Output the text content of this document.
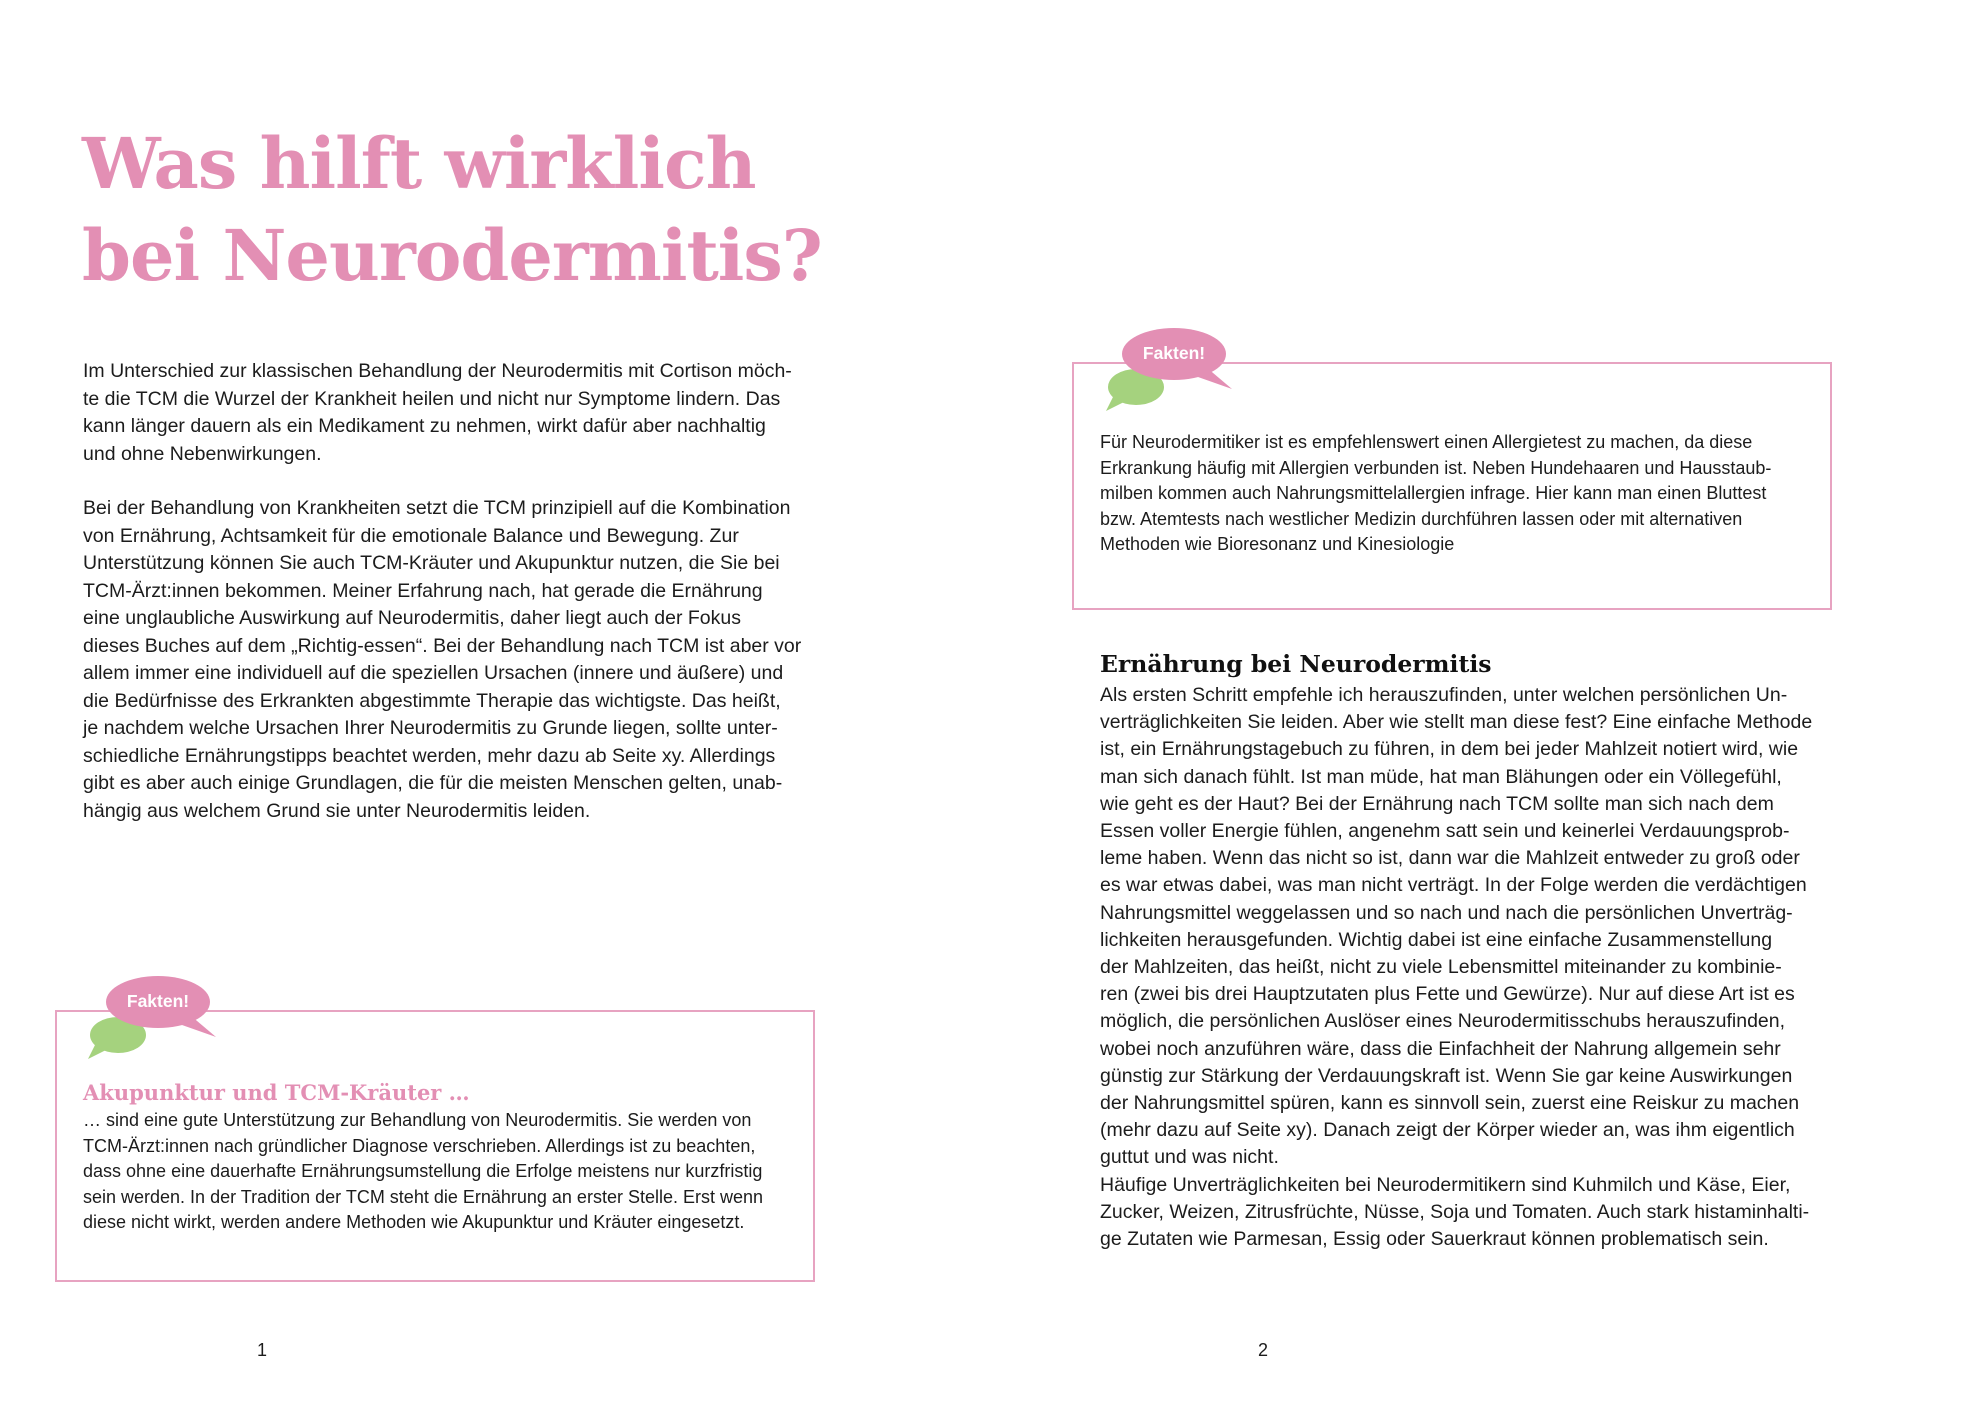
Was hilft wirklich
bei Neurodermitis?
Im Unterschied zur klassischen Behandlung der Neurodermitis mit Cortison möch-
te die TCM die Wurzel der Krankheit heilen und nicht nur Symptome lindern. Das
kann länger dauern als ein Medikament zu nehmen, wirkt dafür aber nachhaltig
und ohne Nebenwirkungen.
Bei der Behandlung von Krankheiten setzt die TCM prinzipiell auf die Kombination
von Ernährung, Achtsamkeit für die emotionale Balance und Bewegung. Zur
Unterstützung können Sie auch TCM-Kräuter und Akupunktur nutzen, die Sie bei
TCM-Ärzt:innen bekommen. Meiner Erfahrung nach, hat gerade die Ernährung
eine unglaubliche Auswirkung auf Neurodermitis, daher liegt auch der Fokus
dieses Buches auf dem „Richtig-essen“. Bei der Behandlung nach TCM ist aber vor
allem immer eine individuell auf die speziellen Ursachen (innere und äußere) und
die Bedürfnisse des Erkrankten abgestimmte Therapie das wichtigste. Das heißt,
je nachdem welche Ursachen Ihrer Neurodermitis zu Grunde liegen, sollte unter-
schiedliche Ernährungstipps beachtet werden, mehr dazu ab Seite xy. Allerdings
gibt es aber auch einige Grundlagen, die für die meisten Menschen gelten, unab-
hängig aus welchem Grund sie unter Neurodermitis leiden.
Fakten!
Akupunktur und TCM-Kräuter …
… sind eine gute Unterstützung zur Behandlung von Neurodermitis. Sie werden von
TCM-Ärzt:innen nach gründlicher Diagnose verschrieben. Allerdings ist zu beachten,
dass ohne eine dauerhafte Ernährungsumstellung die Erfolge meistens nur kurzfristig
sein werden. In der Tradition der TCM steht die Ernährung an erster Stelle. Erst wenn
diese nicht wirkt, werden andere Methoden wie Akupunktur und Kräuter eingesetzt.
1
Fakten!
Für Neurodermitiker ist es empfehlenswert einen Allergietest zu machen, da diese
Erkrankung häufig mit Allergien verbunden ist. Neben Hundehaaren und Hausstaub-
milben kommen auch Nahrungsmittelallergien infrage. Hier kann man einen Bluttest
bzw. Atemtests nach westlicher Medizin durchführen lassen oder mit alternativen
Methoden wie Bioresonanz und Kinesiologie
Ernährung bei Neurodermitis
Als ersten Schritt empfehle ich herauszufinden, unter welchen persönlichen Un-
verträglichkeiten Sie leiden. Aber wie stellt man diese fest? Eine einfache Methode
ist, ein Ernährungstagebuch zu führen, in dem bei jeder Mahlzeit notiert wird, wie
man sich danach fühlt. Ist man müde, hat man Blähungen oder ein Völlegefühl,
wie geht es der Haut? Bei der Ernährung nach TCM sollte man sich nach dem
Essen voller Energie fühlen, angenehm satt sein und keinerlei Verdauungsprob-
leme haben. Wenn das nicht so ist, dann war die Mahlzeit entweder zu groß oder
es war etwas dabei, was man nicht verträgt. In der Folge werden die verdächtigen
Nahrungsmittel weggelassen und so nach und nach die persönlichen Unverträg-
lichkeiten herausgefunden. Wichtig dabei ist eine einfache Zusammenstellung
der Mahlzeiten, das heißt, nicht zu viele Lebensmittel miteinander zu kombinie-
ren (zwei bis drei Hauptzutaten plus Fette und Gewürze). Nur auf diese Art ist es
möglich, die persönlichen Auslöser eines Neurodermitisschubs herauszufinden,
wobei noch anzuführen wäre, dass die Einfachheit der Nahrung allgemein sehr
günstig zur Stärkung der Verdauungskraft ist. Wenn Sie gar keine Auswirkungen
der Nahrungsmittel spüren, kann es sinnvoll sein, zuerst eine Reiskur zu machen
(mehr dazu auf Seite xy). Danach zeigt der Körper wieder an, was ihm eigentlich
guttut und was nicht.
Häufige Unverträglichkeiten bei Neurodermitikern sind Kuhmilch und Käse, Eier,
Zucker, Weizen, Zitrusfrüchte, Nüsse, Soja und Tomaten. Auch stark histaminhalti-
ge Zutaten wie Parmesan, Essig oder Sauerkraut können problematisch sein.
2
